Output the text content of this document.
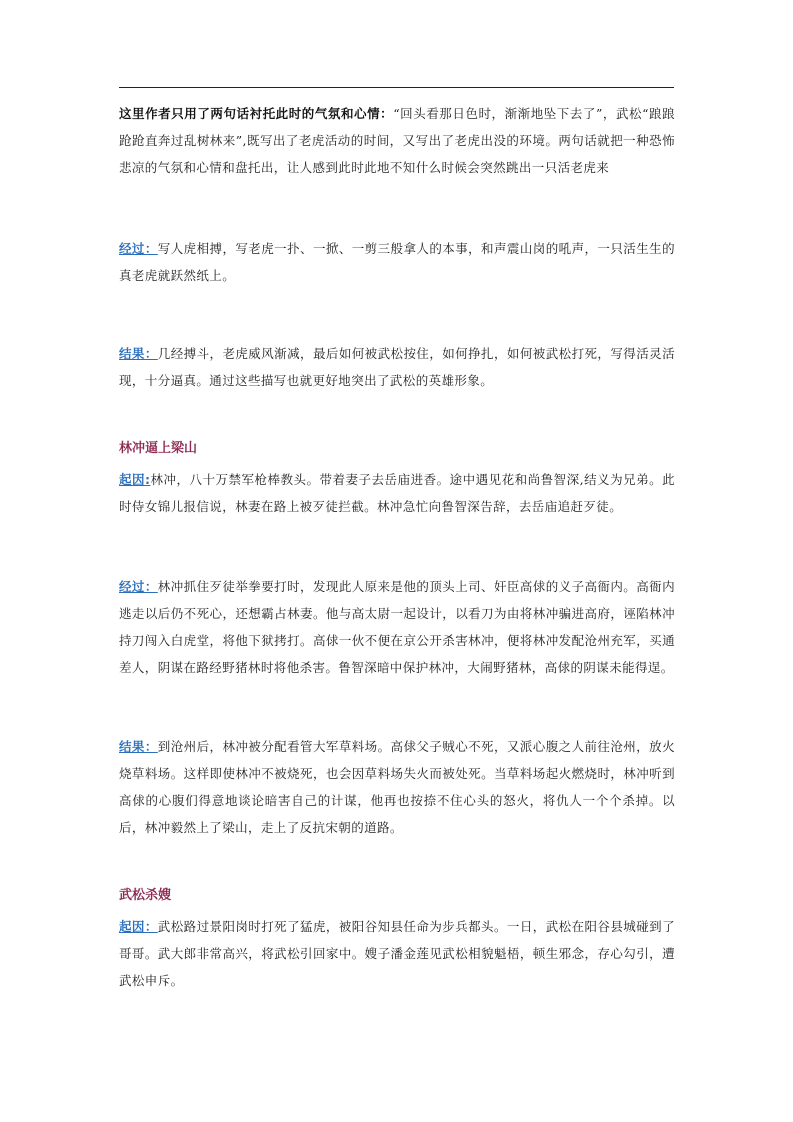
这里作者只用了两句话衬托此时的气氛和心情：“回头看那日色时，渐渐地坠下去了”，武松“踉踉跄跄直奔过乱树林来”,既写出了老虎活动的时间，又写出了老虎出没的环境。两句话就把一种恐怖悲凉的气氛和心情和盘托出，让人感到此时此地不知什么时候会突然跳出一只活老虎来

经过：写人虎相搏，写老虎一扑、一掀、一剪三般拿人的本事，和声震山岗的吼声，一只活生生的真老虎就跃然纸上。

结果：几经搏斗，老虎威风渐减，最后如何被武松按住，如何挣扎，如何被武松打死，写得活灵活现，十分逼真。通过这些描写也就更好地突出了武松的英雄形象。

林冲逼上梁山

起因:林冲，八十万禁军枪棒教头。带着妻子去岳庙进香。途中遇见花和尚鲁智深,结义为兄弟。此时侍女锦儿报信说，林妻在路上被歹徒拦截。林冲急忙向鲁智深告辞，去岳庙追赶歹徒。

经过：林冲抓住歹徒举拳要打时，发现此人原来是他的顶头上司、奸臣高俅的义子高衙内。高衙内逃走以后仍不死心，还想霸占林妻。他与高太尉一起设计，以看刀为由将林冲骗进高府，诬陷林冲持刀闯入白虎堂，将他下狱拷打。高俅一伙不便在京公开杀害林冲，便将林冲发配沧州充军，买通差人，阴谋在路经野猪林时将他杀害。鲁智深暗中保护林冲，大闹野猪林，高俅的阴谋未能得逞。

结果：到沧州后，林冲被分配看管大军草料场。高俅父子贼心不死，又派心腹之人前往沧州，放火烧草料场。这样即使林冲不被烧死，也会因草料场失火而被处死。当草料场起火燃烧时，林冲听到高俅的心腹们得意地谈论暗害自己的计谋，他再也按捺不住心头的怒火，将仇人一个个杀掉。以后，林冲毅然上了梁山，走上了反抗宋朝的道路。

武松杀嫂

起因：武松路过景阳岗时打死了猛虎，被阳谷知县任命为步兵都头。一日，武松在阳谷县城碰到了哥哥。武大郎非常高兴，将武松引回家中。嫂子潘金莲见武松相貌魁梧，顿生邪念，存心勾引，遭武松申斥。
